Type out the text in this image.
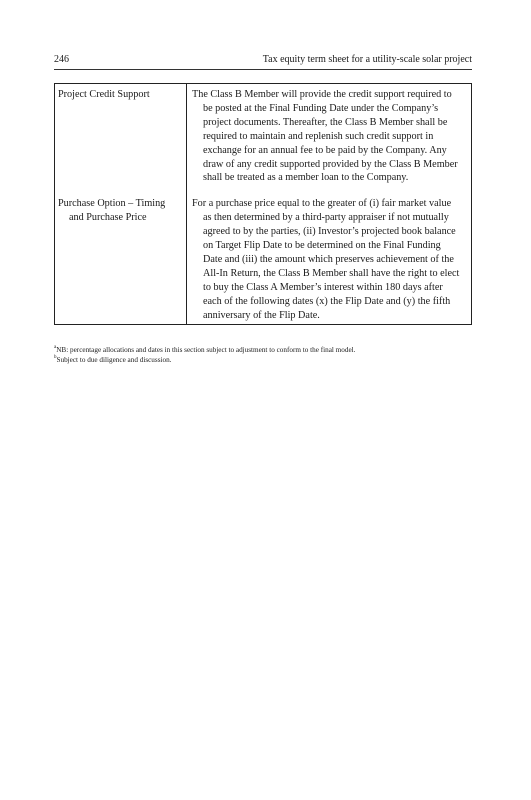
246	Tax equity term sheet for a utility-scale solar project
Project Credit Support	The Class B Member will provide the credit support required to be posted at the Final Funding Date under the Company’s project documents. Thereafter, the Class B Member shall be required to maintain and replenish such credit support in exchange for an annual fee to be paid by the Company. Any draw of any credit supported provided by the Class B Member shall be treated as a member loan to the Company.

Purchase Option – Timing and Purchase Price	For a purchase price equal to the greater of (i) fair market value as then determined by a third-party appraiser if not mutually agreed to by the parties, (ii) Investor’s projected book balance on Target Flip Date to be determined on the Final Funding Date and (iii) the amount which preserves achievement of the All-In Return, the Class B Member shall have the right to elect to buy the Class A Member’s interest within 180 days after each of the following dates (x) the Flip Date and (y) the fifth anniversary of the Flip Date.
$^a$NB: percentage allocations and dates in this section subject to adjustment to conform to the final model.
$^b$Subject to due diligence and discussion.
